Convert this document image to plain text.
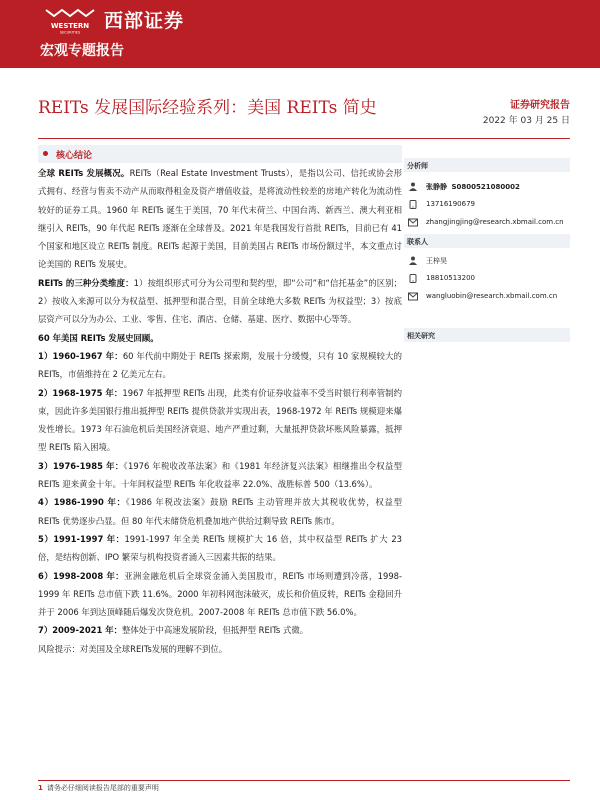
WESTERN
SECURITIES
西部证券
宏观专题报告
REITs 发展国际经验系列：美国 REITs 简史	证券研究报告
2022 年 03 月 25 日
核心结论

全球 REITs 发展概况。REITs（Real Estate Investment Trusts），是指以公司、信托或协会形式拥有、经营与售卖不动产从而取得租金及资产增值收益，是将流动性较差的房地产转化为流动性较好的证券工具。1960 年 REITs 诞生于美国，70 年代末荷兰、中国台湾、新西兰、澳大利亚相继引入 REITs，90 年代起 REITs 逐渐在全球普及。2021 年是我国发行首批 REITs，目前已有 41 个国家和地区设立 REITs 制度。REITs 起源于美国，目前美国占 REITs 市场份额过半，本文重点讨论美国的 REITs 发展史。

REITs 的三种分类维度：1）按组织形式可分为公司型和契约型，即“公司”和“信托基金”的区别；2）按收入来源可以分为权益型、抵押型和混合型，目前全球绝大多数 REITs 为权益型；3）按底层资产可以分为办公、工业、零售、住宅、酒店、仓储、基建、医疗、数据中心等等。

60 年美国 REITs 发展史回顾。

1）1960-1967 年：60 年代前中期处于 REITs 探索期，发展十分缓慢，只有 10 家规模较大的 REITs，市值维持在 2 亿美元左右。

2）1968-1975 年：1967 年抵押型 REITs 出现，此类有价证券收益率不受当时银行利率管制约束，因此许多美国银行推出抵押型 REITs 提供贷款并实现出表，1968-1972 年 REITs 规模迎来爆发性增长。1973 年石油危机后美国经济衰退、地产严重过剩，大量抵押贷款坏账风险暴露，抵押型 REITs 陷入困境。

3）1976-1985 年：《1976 年税收改革法案》和《1981 年经济复兴法案》相继推出令权益型 REITs 迎来黄金十年。十年间权益型 REITs 年化收益率 22.0%、战胜标普 500（13.6%）。

4）1986-1990 年：《1986 年税改法案》鼓励 REITs 主动管理并放大其税收优势，权益型 REITs 优势逐步凸显。但 80 年代末储贷危机叠加地产供给过剩导致 REITs 熊市。

5）1991-1997 年：1991-1997 年全美 REITs 规模扩大 16 倍，其中权益型 REITs 扩大 23 倍，是结构创新、IPO 繁荣与机构投资者涌入三因素共振的结果。

6）1998-2008 年：亚洲金融危机后全球资金涌入美国股市，REITs 市场则遭到冷落，1998-1999 年 REITs 总市值下跌 11.6%。2000 年初科网泡沫破灭，成长和价值反转，REITs 金稳回升并于 2006 年到达顶峰随后爆发次贷危机。2007-2008 年 REITs 总市值下跌 56.0%。

7）2009-2021 年：整体处于中高速发展阶段，但抵押型 REITs 式微。

风险提示：对美国及全球REITs发展的理解不到位。

分析师
张静静 S0800521080002
13716190679
zhangjingjing@research.xbmail.com.cn
联系人
王梓昊
18810513200
wangluobin@research.xbmail.com.cn
相关研究
1 请务必仔细阅读报告尾部的重要声明
